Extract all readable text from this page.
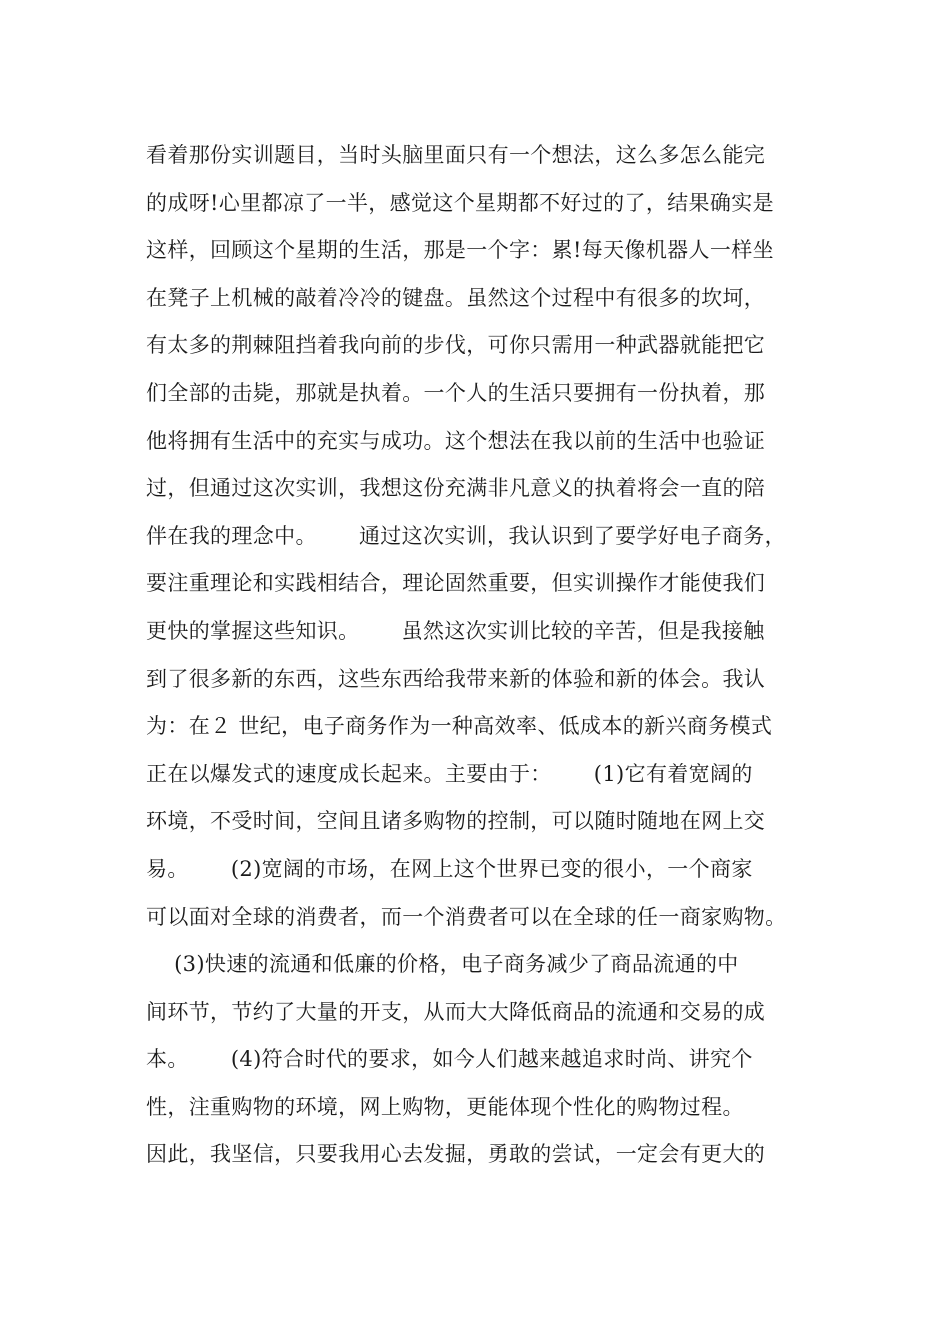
看着那份实训题目，当时头脑里面只有一个想法，这么多怎么能完
的成呀!心里都凉了一半，感觉这个星期都不好过的了，结果确实是
这样，回顾这个星期的生活，那是一个字：累!每天像机器人一样坐
在凳子上机械的敲着冷冷的键盘。虽然这个过程中有很多的坎坷，
有太多的荆棘阻挡着我向前的步伐，可你只需用一种武器就能把它
们全部的击毙，那就是执着。一个人的生活只要拥有一份执着，那
他将拥有生活中的充实与成功。这个想法在我以前的生活中也验证
过，但通过这次实训，我想这份充满非凡意义的执着将会一直的陪
伴在我的理念中。      通过这次实训，我认识到了要学好电子商务，
要注重理论和实践相结合，理论固然重要，但实训操作才能使我们
更快的掌握这些知识。      虽然这次实训比较的辛苦，但是我接触
到了很多新的东西，这些东西给我带来新的体验和新的体会。我认
为：在２ 世纪，电子商务作为一种高效率、低成本的新兴商务模式
正在以爆发式的速度成长起来。主要由于：      (1)它有着宽阔的
环境，不受时间，空间且诸多购物的控制，可以随时随地在网上交
易。      (2)宽阔的市场，在网上这个世界已变的很小，一个商家
可以面对全球的消费者，而一个消费者可以在全球的任一商家购物。
(3)快速的流通和低廉的价格，电子商务减少了商品流通的中
间环节，节约了大量的开支，从而大大降低商品的流通和交易的成
本。      (4)符合时代的要求，如今人们越来越追求时尚、讲究个
性，注重购物的环境，网上购物，更能体现个性化的购物过程。
因此，我坚信，只要我用心去发掘，勇敢的尝试，一定会有更大的
